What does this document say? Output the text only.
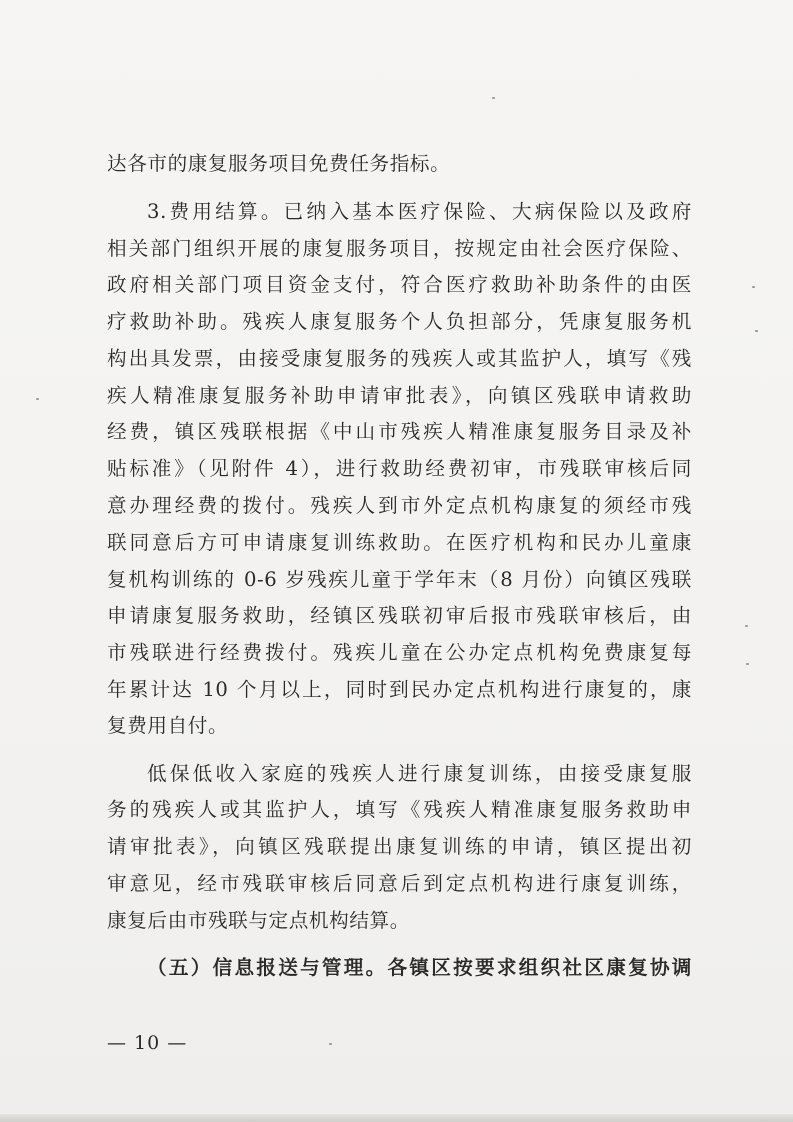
达各市的康复服务项目免费任务指标。
3.费用结算。已纳入基本医疗保险、大病保险以及政府
相关部门组织开展的康复服务项目，按规定由社会医疗保险、
政府相关部门项目资金支付，符合医疗救助补助条件的由医
疗救助补助。残疾人康复服务个人负担部分，凭康复服务机
构出具发票，由接受康复服务的残疾人或其监护人，填写《残
疾人精准康复服务补助申请审批表》，向镇区残联申请救助
经费，镇区残联根据《中山市残疾人精准康复服务目录及补
贴标准》（见附件 4），进行救助经费初审，市残联审核后同
意办理经费的拨付。残疾人到市外定点机构康复的须经市残
联同意后方可申请康复训练救助。在医疗机构和民办儿童康
复机构训练的 0-6 岁残疾儿童于学年末（8 月份）向镇区残联
申请康复服务救助，经镇区残联初审后报市残联审核后，由
市残联进行经费拨付。残疾儿童在公办定点机构免费康复每
年累计达 10 个月以上，同时到民办定点机构进行康复的，康
复费用自付。
低保低收入家庭的残疾人进行康复训练，由接受康复服
务的残疾人或其监护人，填写《残疾人精准康复服务救助申
请审批表》，向镇区残联提出康复训练的申请，镇区提出初
审意见，经市残联审核后同意后到定点机构进行康复训练，
康复后由市残联与定点机构结算。
（五）信息报送与管理。各镇区按要求组织社区康复协调
— 10 —
